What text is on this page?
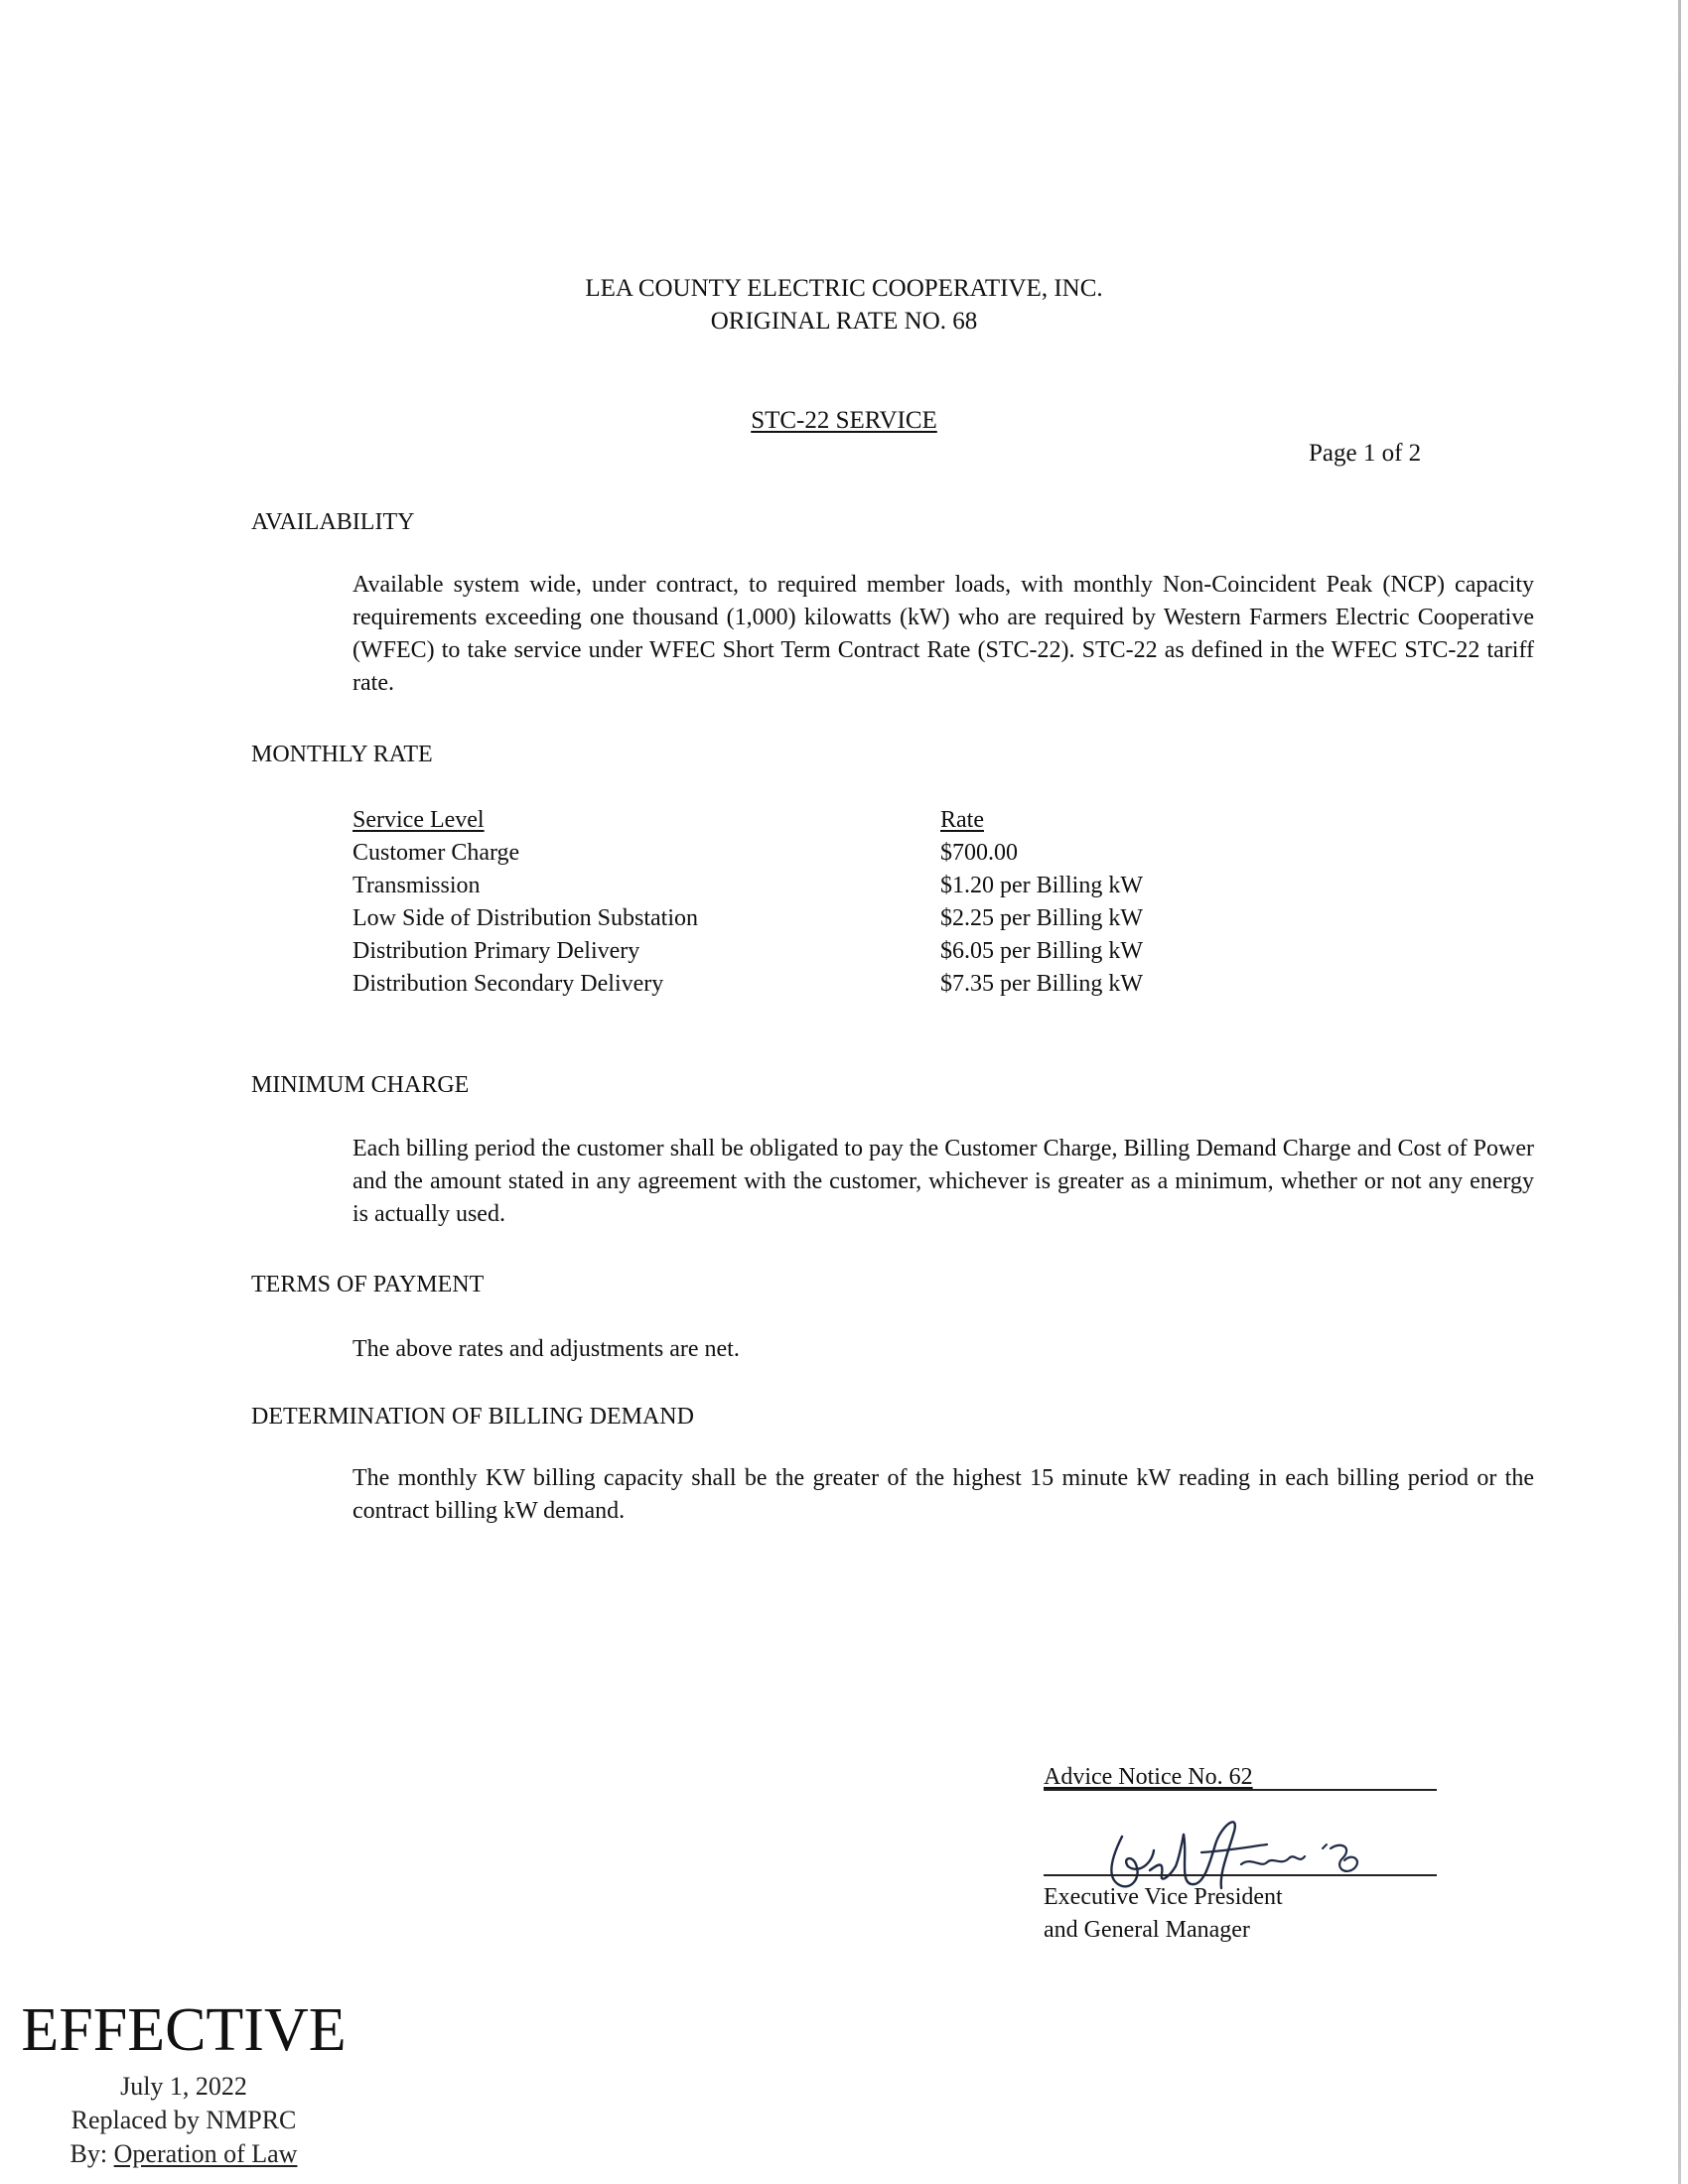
LEA COUNTY ELECTRIC COOPERATIVE, INC.
ORIGINAL RATE NO. 68
STC-22 SERVICE
Page 1 of 2
AVAILABILITY
Available system wide, under contract, to required member loads, with monthly Non-Coincident Peak (NCP) capacity requirements exceeding one thousand (1,000) kilowatts (kW) who are required by Western Farmers Electric Cooperative (WFEC) to take service under WFEC Short Term Contract Rate (STC-22). STC-22 as defined in the WFEC STC-22 tariff rate.
MONTHLY RATE
Service Level	Rate
Customer Charge	$700.00
Transmission	$1.20 per Billing kW
Low Side of Distribution Substation	$2.25 per Billing kW
Distribution Primary Delivery	$6.05 per Billing kW
Distribution Secondary Delivery	$7.35 per Billing kW
MINIMUM CHARGE
Each billing period the customer shall be obligated to pay the Customer Charge, Billing Demand Charge and Cost of Power and the amount stated in any agreement with the customer, whichever is greater as a minimum, whether or not any energy is actually used.
TERMS OF PAYMENT
The above rates and adjustments are net.
DETERMINATION OF BILLING DEMAND
The monthly KW billing capacity shall be the greater of the highest 15 minute kW reading in each billing period or the contract billing kW demand.
Advice Notice No. 62
Executive Vice President
and General Manager
EFFECTIVE
July 1, 2022
Replaced by NMPRC
By: Operation of Law
